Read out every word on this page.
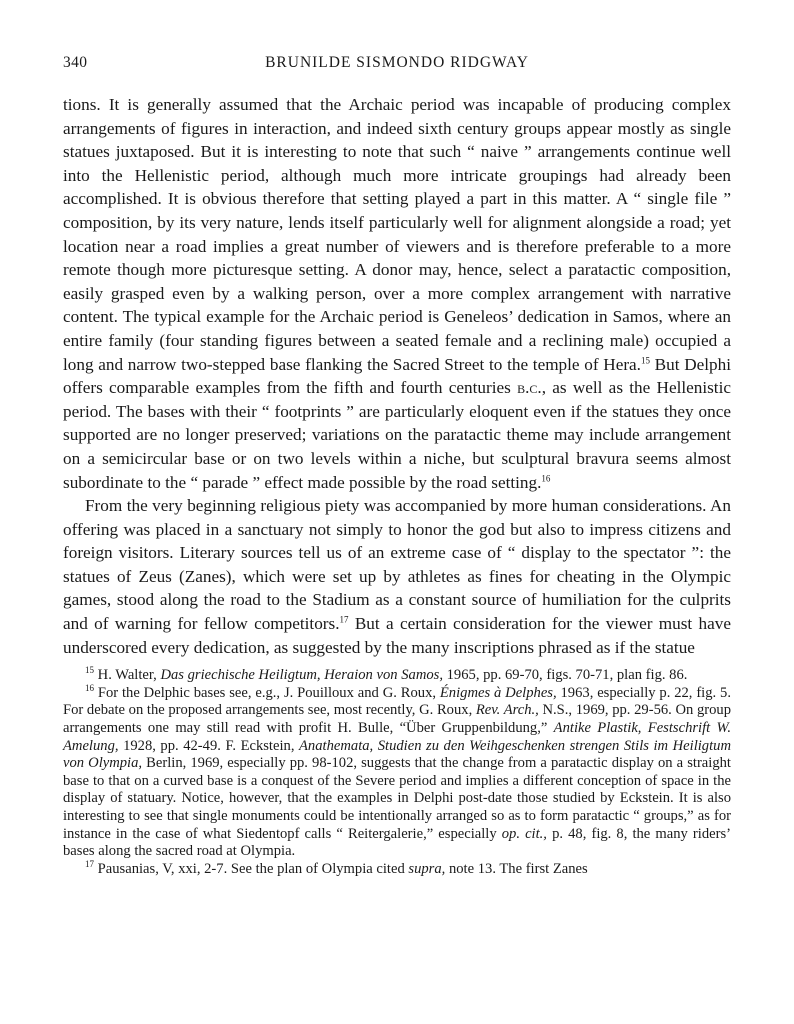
340	BRUNILDE SISMONDO RIDGWAY

tions. It is generally assumed that the Archaic period was incapable of producing complex arrangements of figures in interaction, and indeed sixth century groups appear mostly as single statues juxtaposed. But it is interesting to note that such “ naive ” arrangements continue well into the Hellenistic period, although much more intricate groupings had already been accomplished. It is obvious therefore that setting played a part in this matter. A “ single file ” composition, by its very nature, lends itself particularly well for alignment alongside a road; yet location near a road implies a great number of viewers and is therefore preferable to a more remote though more picturesque setting. A donor may, hence, select a paratactic composition, easily grasped even by a walking person, over a more complex arrangement with narrative content. The typical example for the Archaic period is Geneleos’ dedication in Samos, where an entire family (four standing figures between a seated female and a reclining male) occupied a long and narrow two-stepped base flanking the Sacred Street to the temple of Hera.$^{15}$ But Delphi offers comparable examples from the fifth and fourth centuries b.c., as well as the Hellenistic period. The bases with their “ footprints ” are particularly eloquent even if the statues they once supported are no longer preserved; variations on the paratactic theme may include arrangement on a semicircular base or on two levels within a niche, but sculptural bravura seems almost subordinate to the “ parade ” effect made possible by the road setting.$^{16}$

From the very beginning religious piety was accompanied by more human considerations. An offering was placed in a sanctuary not simply to honor the god but also to impress citizens and foreign visitors. Literary sources tell us of an extreme case of “ display to the spectator ”: the statues of Zeus (Zanes), which were set up by athletes as fines for cheating in the Olympic games, stood along the road to the Stadium as a constant source of humiliation for the culprits and of warning for fellow competitors.$^{17}$ But a certain consideration for the viewer must have underscored every dedication, as suggested by the many inscriptions phrased as if the statue

$^{15}$ H. Walter, Das griechische Heiligtum, Heraion von Samos, 1965, pp. 69-70, figs. 70-71, plan fig. 86.

$^{16}$ For the Delphic bases see, e.g., J. Pouilloux and G. Roux, Énigmes à Delphes, 1963, especially p. 22, fig. 5. For debate on the proposed arrangements see, most recently, G. Roux, Rev. Arch., N.S., 1969, pp. 29-56. On group arrangements one may still read with profit H. Bulle, “Über Gruppenbildung,” Antike Plastik, Festschrift W. Amelung, 1928, pp. 42-49. F. Eckstein, Anathemata, Studien zu den Weihgeschenken strengen Stils im Heiligtum von Olympia, Berlin, 1969, especially pp. 98-102, suggests that the change from a paratactic display on a straight base to that on a curved base is a conquest of the Severe period and implies a different conception of space in the display of statuary. Notice, however, that the examples in Delphi post-date those studied by Eckstein. It is also interesting to see that single monuments could be intentionally arranged so as to form paratactic “ groups,” as for instance in the case of what Siedentopf calls “ Reitergalerie,” especially op. cit., p. 48, fig. 8, the many riders’ bases along the sacred road at Olympia.

$^{17}$ Pausanias, V, xxi, 2-7. See the plan of Olympia cited supra, note 13. The first Zanes
